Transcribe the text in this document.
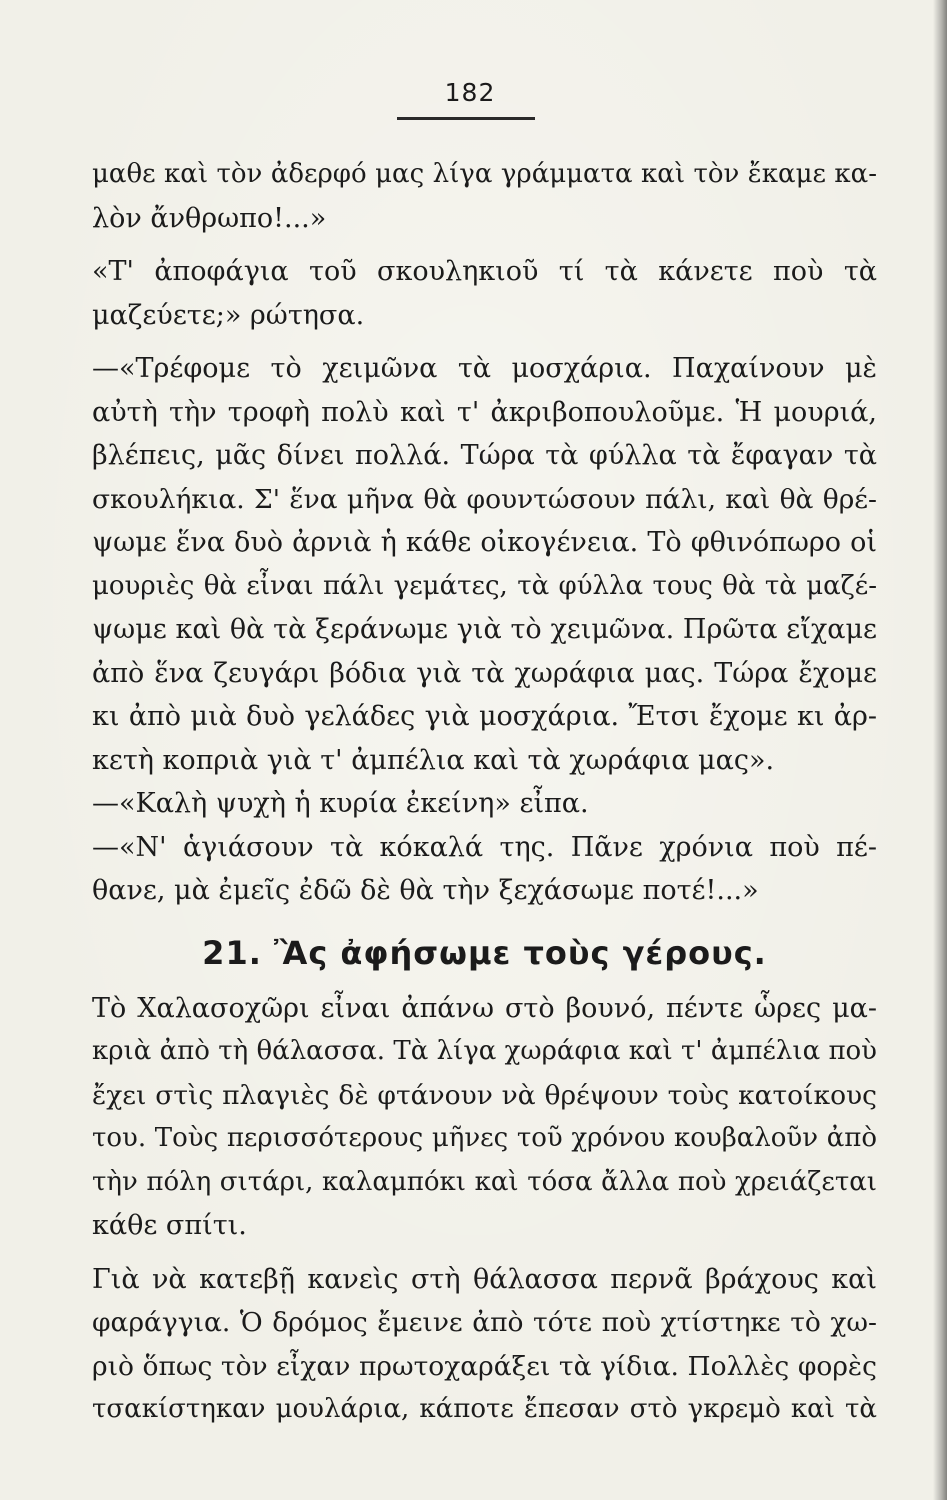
182
μαθε καὶ τὸν ἀδερφό μας λίγα γράμματα καὶ τὸν ἔκαμε κα-
λὸν ἄνθρωπο!...»
«Τ' ἀποφάγια τοῦ σκουληκιοῦ τί τὰ κάνετε ποὺ τὰ
μαζεύετε;» ρώτησα.
—«Τρέφομε τὸ χειμῶνα τὰ μοσχάρια. Παχαίνουν μὲ
αὐτὴ τὴν τροφὴ πολὺ καὶ τ' ἀκριβοπουλοῦμε. Ἡ μουριά,
βλέπεις, μᾶς δίνει πολλά. Τώρα τὰ φύλλα τὰ ἔφαγαν τὰ
σκουλήκια. Σ' ἕνα μῆνα θὰ φουντώσουν πάλι, καὶ θὰ θρέ-
ψωμε ἕνα δυὸ ἀρνιὰ ἡ κάθε οἰκογένεια. Τὸ φθινόπωρο οἱ
μουριὲς θὰ εἶναι πάλι γεμάτες, τὰ φύλλα τους θὰ τὰ μαζέ-
ψωμε καὶ θὰ τὰ ξεράνωμε γιὰ τὸ χειμῶνα. Πρῶτα εἴχαμε
ἀπὸ ἕνα ζευγάρι βόδια γιὰ τὰ χωράφια μας. Τώρα ἔχομε
κι ἀπὸ μιὰ δυὸ γελάδες γιὰ μοσχάρια. Ἔτσι ἔχομε κι ἀρ-
κετὴ κοπριὰ γιὰ τ' ἀμπέλια καὶ τὰ χωράφια μας».
—«Καλὴ ψυχὴ ἡ κυρία ἐκείνη» εἶπα.
—«Ν' ἁγιάσουν τὰ κόκαλά της. Πᾶνε χρόνια ποὺ πέ-
θανε, μὰ ἐμεῖς ἐδῶ δὲ θὰ τὴν ξεχάσωμε ποτέ!...»
21. Ἂς ἀφήσωμε τοὺς γέρους.
Τὸ Χαλασοχῶρι εἶναι ἀπάνω στὸ βουνό, πέντε ὧρες μα-
κριὰ ἀπὸ τὴ θάλασσα. Τὰ λίγα χωράφια καὶ τ' ἀμπέλια ποὺ
ἔχει στὶς πλαγιὲς δὲ φτάνουν νὰ θρέψουν τοὺς κατοίκους
του. Τοὺς περισσότερους μῆνες τοῦ χρόνου κουβαλοῦν ἀπὸ
τὴν πόλη σιτάρι, καλαμπόκι καὶ τόσα ἄλλα ποὺ χρειάζεται
κάθε σπίτι.
Γιὰ νὰ κατεβῇ κανεὶς στὴ θάλασσα περνᾶ βράχους καὶ
φαράγγια. Ὁ δρόμος ἔμεινε ἀπὸ τότε ποὺ χτίστηκε τὸ χω-
ριὸ ὅπως τὸν εἶχαν πρωτοχαράξει τὰ γίδια. Πολλὲς φορὲς
τσακίστηκαν μουλάρια, κάποτε ἔπεσαν στὸ γκρεμὸ καὶ τὰ
